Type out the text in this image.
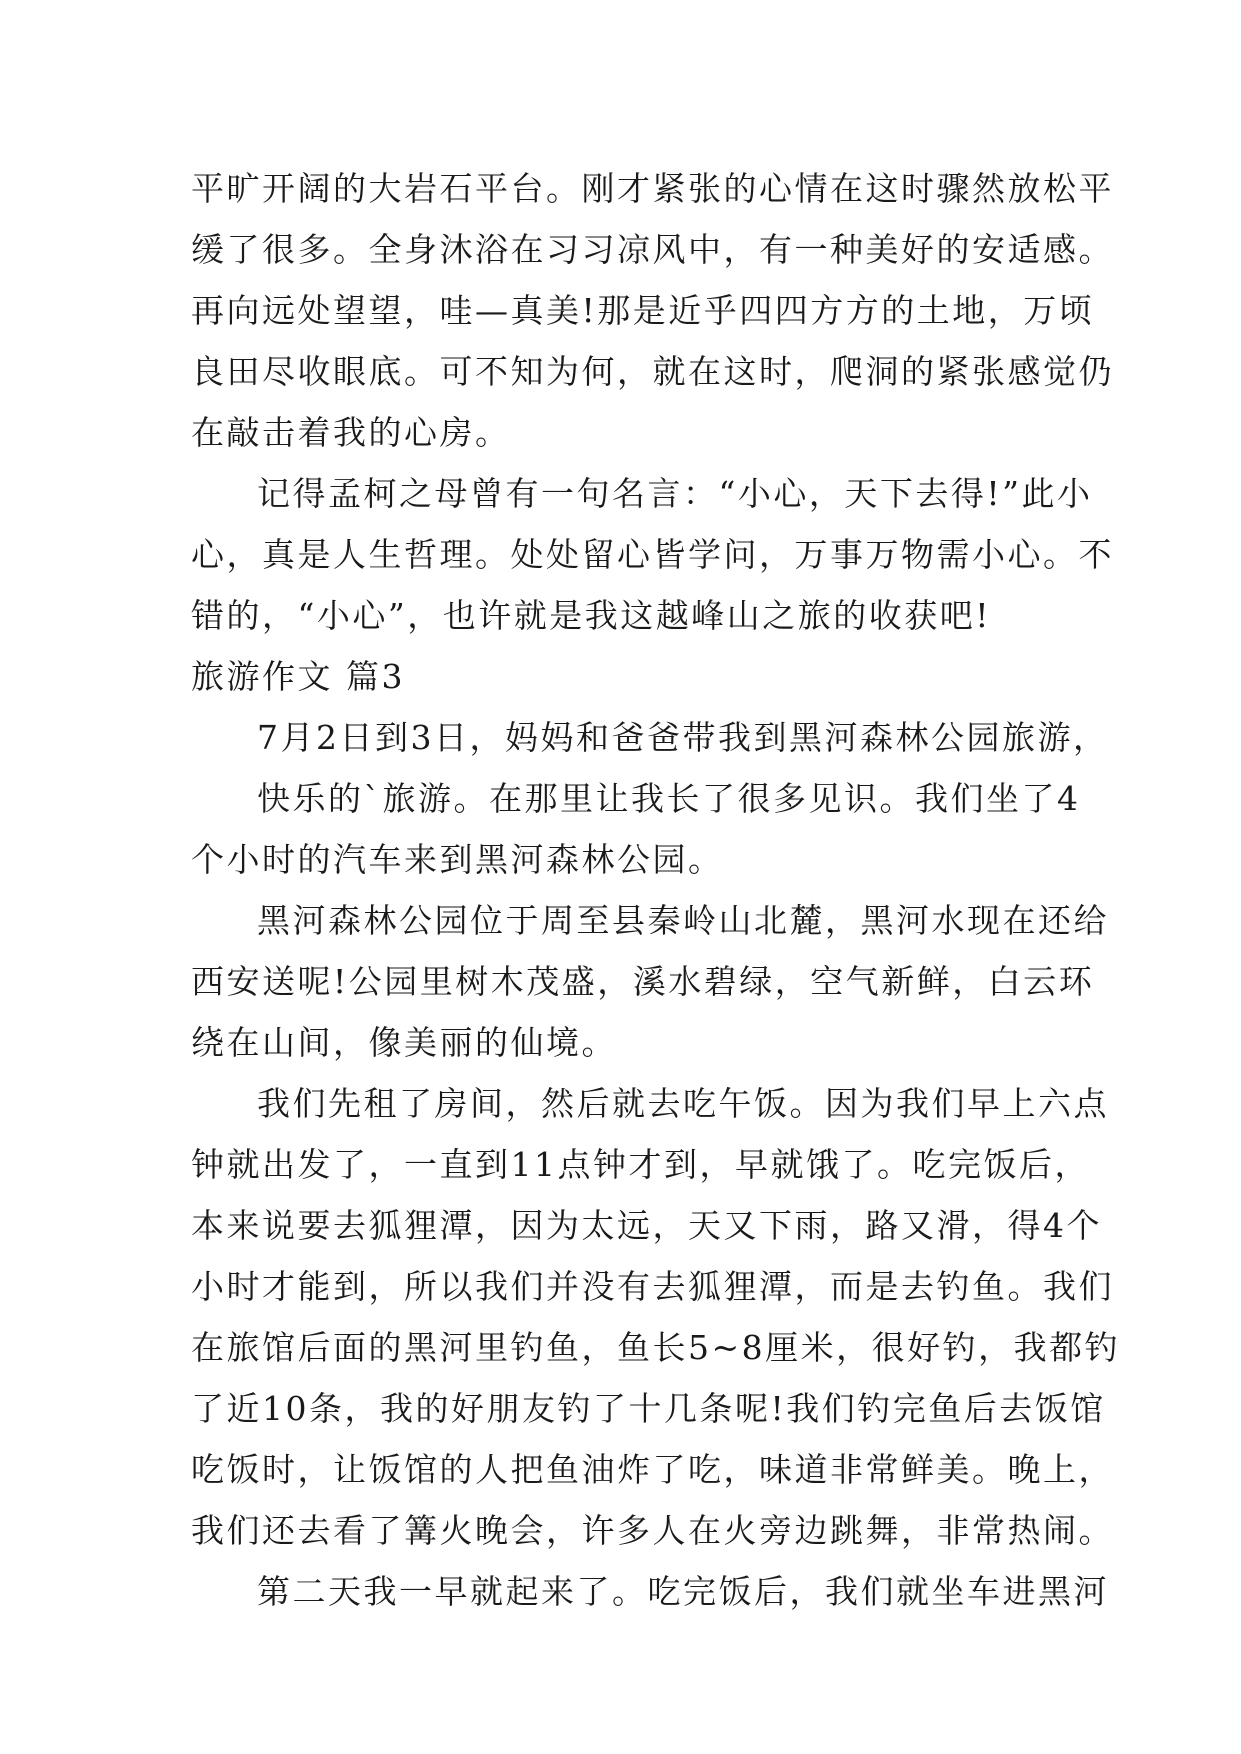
平旷开阔的大岩石平台。刚才紧张的心情在这时骤然放松平
缓了很多。全身沐浴在习习凉风中，有一种美好的安适感。
再向远处望望，哇—真美!那是近乎四四方方的土地，万顷
良田尽收眼底。可不知为何，就在这时，爬洞的紧张感觉仍
在敲击着我的心房。
记得孟柯之母曾有一句名言：“小心，天下去得!”此小
心，真是人生哲理。处处留心皆学问，万事万物需小心。不
错的，“小心”，也许就是我这越峰山之旅的收获吧!
旅游作文 篇3
7月2日到3日，妈妈和爸爸带我到黑河森林公园旅游，
快乐的`旅游。在那里让我长了很多见识。我们坐了4
个小时的汽车来到黑河森林公园。
黑河森林公园位于周至县秦岭山北麓，黑河水现在还给
西安送呢!公园里树木茂盛，溪水碧绿，空气新鲜，白云环
绕在山间，像美丽的仙境。
我们先租了房间，然后就去吃午饭。因为我们早上六点
钟就出发了，一直到11点钟才到，早就饿了。吃完饭后，
本来说要去狐狸潭，因为太远，天又下雨，路又滑，得4个
小时才能到，所以我们并没有去狐狸潭，而是去钓鱼。我们
在旅馆后面的黑河里钓鱼，鱼长5~8厘米，很好钓，我都钓
了近10条，我的好朋友钓了十几条呢!我们钓完鱼后去饭馆
吃饭时，让饭馆的人把鱼油炸了吃，味道非常鲜美。晚上，
我们还去看了篝火晚会，许多人在火旁边跳舞，非常热闹。
第二天我一早就起来了。吃完饭后，我们就坐车进黑河
